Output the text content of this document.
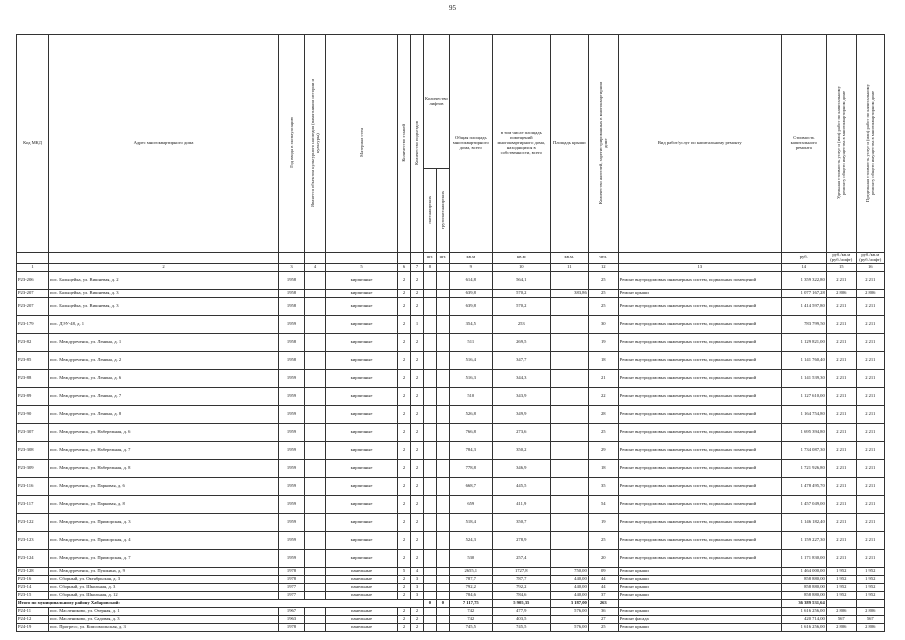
95
Код МКД	Адрес многоквартирного дома	Год ввода в эксплуатацию	Является объектом культурного наследия (памятником истории и культуры)	Материал стен	Количество этажей	Количество подъездов	Количество лифтов		Общая площадь многоквартирного дома, всего	в том числе площадь помещений многоквартирного дома, находящихся в собственности, всего	Площадь крыши	Количество жителей, зарегистрированных в многоквартирном доме	Вид работ/услуг по капитальному ремонту	Стоимость капитального ремонта	Удельная стоимость услуг и (или) работ по капитальному ремонту общего имущества в многоквартирном доме	Предельная стоимость услуг и (или) работ по капитальному ремонту общего имущества в многоквартирном доме
							пассажирских	грузопассажирских								
							шт.	шт.	кв.м	кв.м	кв.м.	чел.		руб.	руб./кв.м (руб./лифт)	руб./кв.м (руб./лифт)
1	2	3	4	5	6	7	8		9	10	11	12	13	14	15	16
Р23-206	пос. Бальщейка, ул. Вишневая, д. 2	1958		кирпичные	2	2			614,8	564,1		25	Ремонт внутридомовых инженерных систем, подвальных помещений	1 359 322,80	2 211	2 211
Р23-207	пос. Бальщейка, ул. Вишневая, д. 3	1958		кирпичные	2	2			639,8	570,2	383,86	25	Ремонт крыши	1 077 167,28	2 806	2 806
Р23-207	пос. Бальщейка, ул. Вишневая, д. 3	1958		кирпичные	2	2			639,8	570,2		25	Ремонт внутридомовых инженерных систем, подвальных помещений	1 414 597,80	2 211	2 211
Р23-179	пос. ДЭУ-48, д. 1	1959		кирпичные	2	1			354,5	253		30	Ремонт внутридомовых инженерных систем, подвальных помещений	783 799,50	2 211	2 211
Р23-82	пос. Междуреченск, ул. Ленина, д. 1	1958		кирпичные	2	2			511	269,5		19	Ремонт внутридомовых инженерных систем, подвальных помещений	1 129 821,00	2 211	2 211
Р23-85	пос. Междуреченск, ул. Ленина, д. 2	1958		кирпичные	2	2			516,4	347,7		18	Ремонт внутридомовых инженерных систем, подвальных помещений	1 141 760,40	2 211	2 211
Р23-88	пос. Междуреченск, ул. Ленина, д. 6	1959		кирпичные	2	2			516,3	344,3		21	Ремонт внутридомовых инженерных систем, подвальных помещений	1 141 539,30	2 211	2 211
Р23-89	пос. Междуреченск, ул. Ленина, д. 7	1959		кирпичные	2	2			510	343,9		22	Ремонт внутридомовых инженерных систем, подвальных помещений	1 127 610,00	2 211	2 211
Р23-90	пос. Междуреченск, ул. Ленина, д. 8	1959		кирпичные	2	2			526,8	349,9		28	Ремонт внутридомовых инженерных систем, подвальных помещений	1 164 754,80	2 211	2 211
Р23-307	пос. Междуреченск, ул. Набережная, д. 6	1959		кирпичные	2	2			766,8	273,6		25	Ремонт внутридомовых инженерных систем, подвальных помещений	1 695 394,80	2 211	2 211
Р23-308	пос. Междуреченск, ул. Набережная, д. 7	1959		кирпичные	2	2			784,3	350,2		29	Ремонт внутридомовых инженерных систем, подвальных помещений	1 734 087,30	2 211	2 211
Р23-309	пос. Междуреченск, ул. Набережная, д. 8	1959		кирпичные	2	2			778,8	346,9		18	Ремонт внутридомовых инженерных систем, подвальных помещений	1 721 926,80	2 211	2 211
Р23-116	пос. Междуреченск, ул. Парковая, д. 6	1959		кирпичные	2	2			668,7	445,5		35	Ремонт внутридомовых инженерных систем, подвальных помещений	1 478 495,70	2 211	2 211
Р23-117	пос. Междуреченск, ул. Парковая, д. 8	1959		кирпичные	2	2			659	411,9		54	Ремонт внутридомовых инженерных систем, подвальных помещений	1 457 049,00	2 211	2 211
Р23-122	пос. Междуреченск, ул. Приморская, д. 3	1959		кирпичные	2	2			518,4	350,7		19	Ремонт внутридомовых инженерных систем, подвальных помещений	1 146 182,40	2 211	2 211
Р23-123	пос. Междуреченск, ул. Приморская, д. 4	1959		кирпичные	2	2			524,3	278,9		25	Ремонт внутридомовых инженерных систем, подвальных помещений	1 159 227,30	2 211	2 211
Р23-124	пос. Междуреченск, ул. Приморская, д. 7	1959		кирпичные	2	2			530	257,4		20	Ремонт внутридомовых инженерных систем, подвальных помещений	1 171 830,00	2 211	2 211
Р23-128	пос. Междуреченск, ул. Пушкина, д. 9	1978		панельные	5	4			2655,1	1727,8	750,00	09	Ремонт крыши	1 464 000,00	1 952	1 952
Р23-16	пос. Сборный, ул. Октябрьская, д. 3	1978		панельные	2	3			787,7	787,7	440,00	44	Ремонт крыши	858 880,00	1 952	1 952
Р23-14	пос. Сборный, ул. Школьная, д. 3	1977		панельные	2	3			792,2	792,2	440,00	44	Ремонт крыши	858 880,00	1 952	1 952
Р23-15	пос. Сборный, ул. Школьная, д. 12	1977		панельные	2	3			784,6	784,6	440,00	37	Ремонт крыши	858 880,00	1 952	1 952
Итого по муниципальному району Хабаровский:							0	0	7 117,75	5 905,35	3 187,00	263		36 389 531,64		
Р24-11	пос. Маслениково, ул. Озерная, д. 1	1967		панельные	2	2			742	477,9	576,00	36	Ремонт крыши	1 616 256,00	2 806	2 806
Р24-12	пос. Маслениково, ул. Садовая, д. 3	1963		панельные	2	2			742	403,5		27	Ремонт фасада	420 714,00	567	567
Р24-19	пос. Прогресс, ул. Комсомольская, д. 3	1978		панельные	2	2			745,5	745,5	576,00	25	Ремонт крыши	1 616 256,00	2 806	2 806
